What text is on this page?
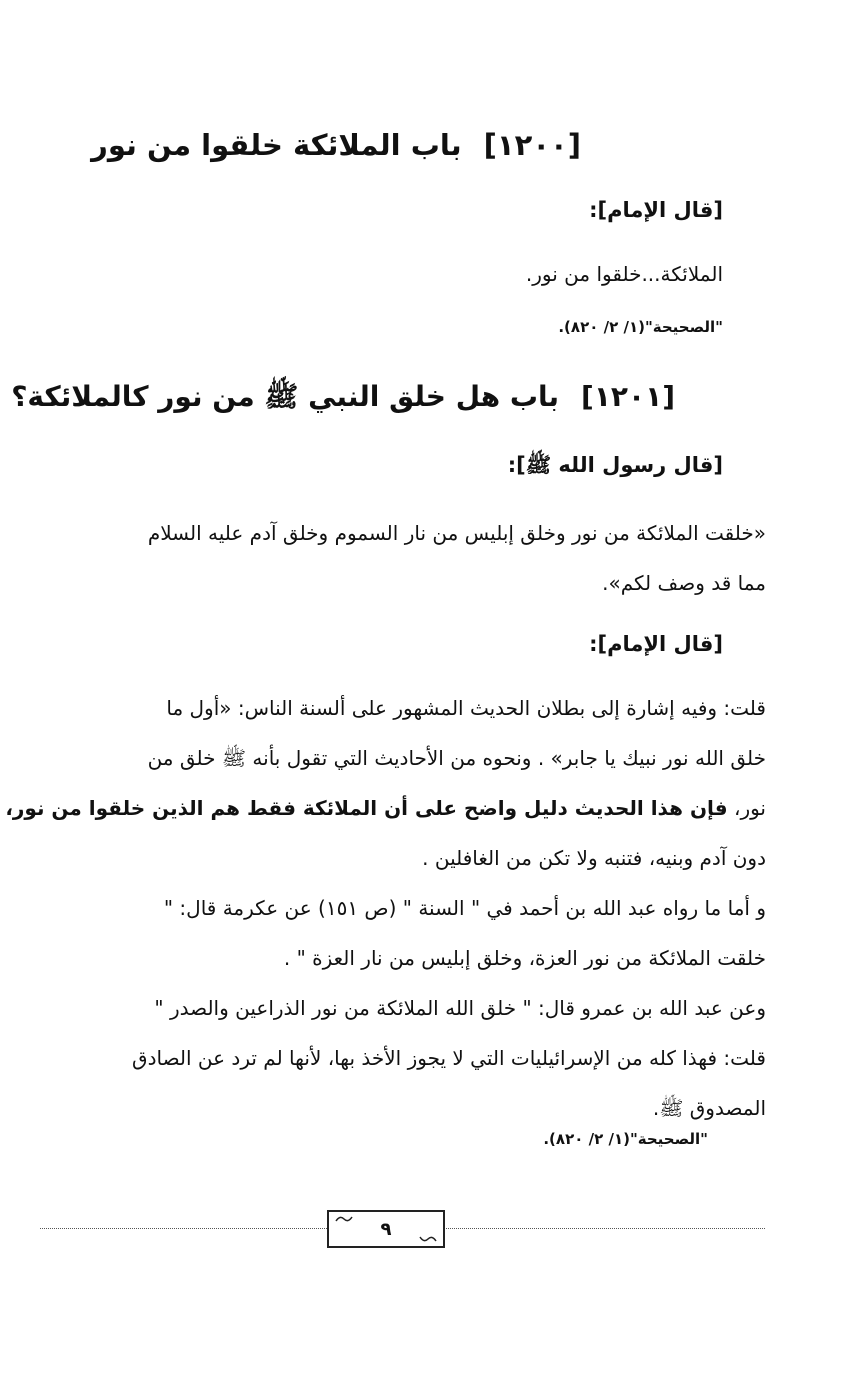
[١٢٠٠]باب الملائكة خلقوا من نور
[قال الإمام]:
الملائكة...خلقوا من نور.
"الصحيحة"(١/ ٢/ ٨٢٠).
[١٢٠١]باب هل خلق النبي ﷺ من نور كالملائكة؟
[قال رسول الله ﷺ]:
«خلقت الملائكة من نور وخلق إبليس من نار السموم وخلق آدم عليه السلام
مما قد وصف لكم».
[قال الإمام]:
قلت: وفيه إشارة إلى بطلان الحديث المشهور على ألسنة الناس: «أول ما
خلق الله نور نبيك يا جابر» . ونحوه من الأحاديث التي تقول بأنه ﷺ خلق من
نور، فإن هذا الحديث دليل واضح على أن الملائكة فقط هم الذين خلقوا من نور،
دون آدم وبنيه، فتنبه ولا تكن من الغافلين .
و أما ما رواه عبد الله بن أحمد في " السنة " (ص ١٥١) عن عكرمة قال: "
خلقت الملائكة من نور العزة، وخلق إبليس من نار العزة " .
وعن عبد الله بن عمرو قال: " خلق الله الملائكة من نور الذراعين والصدر "
قلت: فهذا كله من الإسرائيليات التي لا يجوز الأخذ بها، لأنها لم ترد عن الصادق
المصدوق ﷺ.
"الصحيحة"(١/ ٢/ ٨٢٠).
٩
